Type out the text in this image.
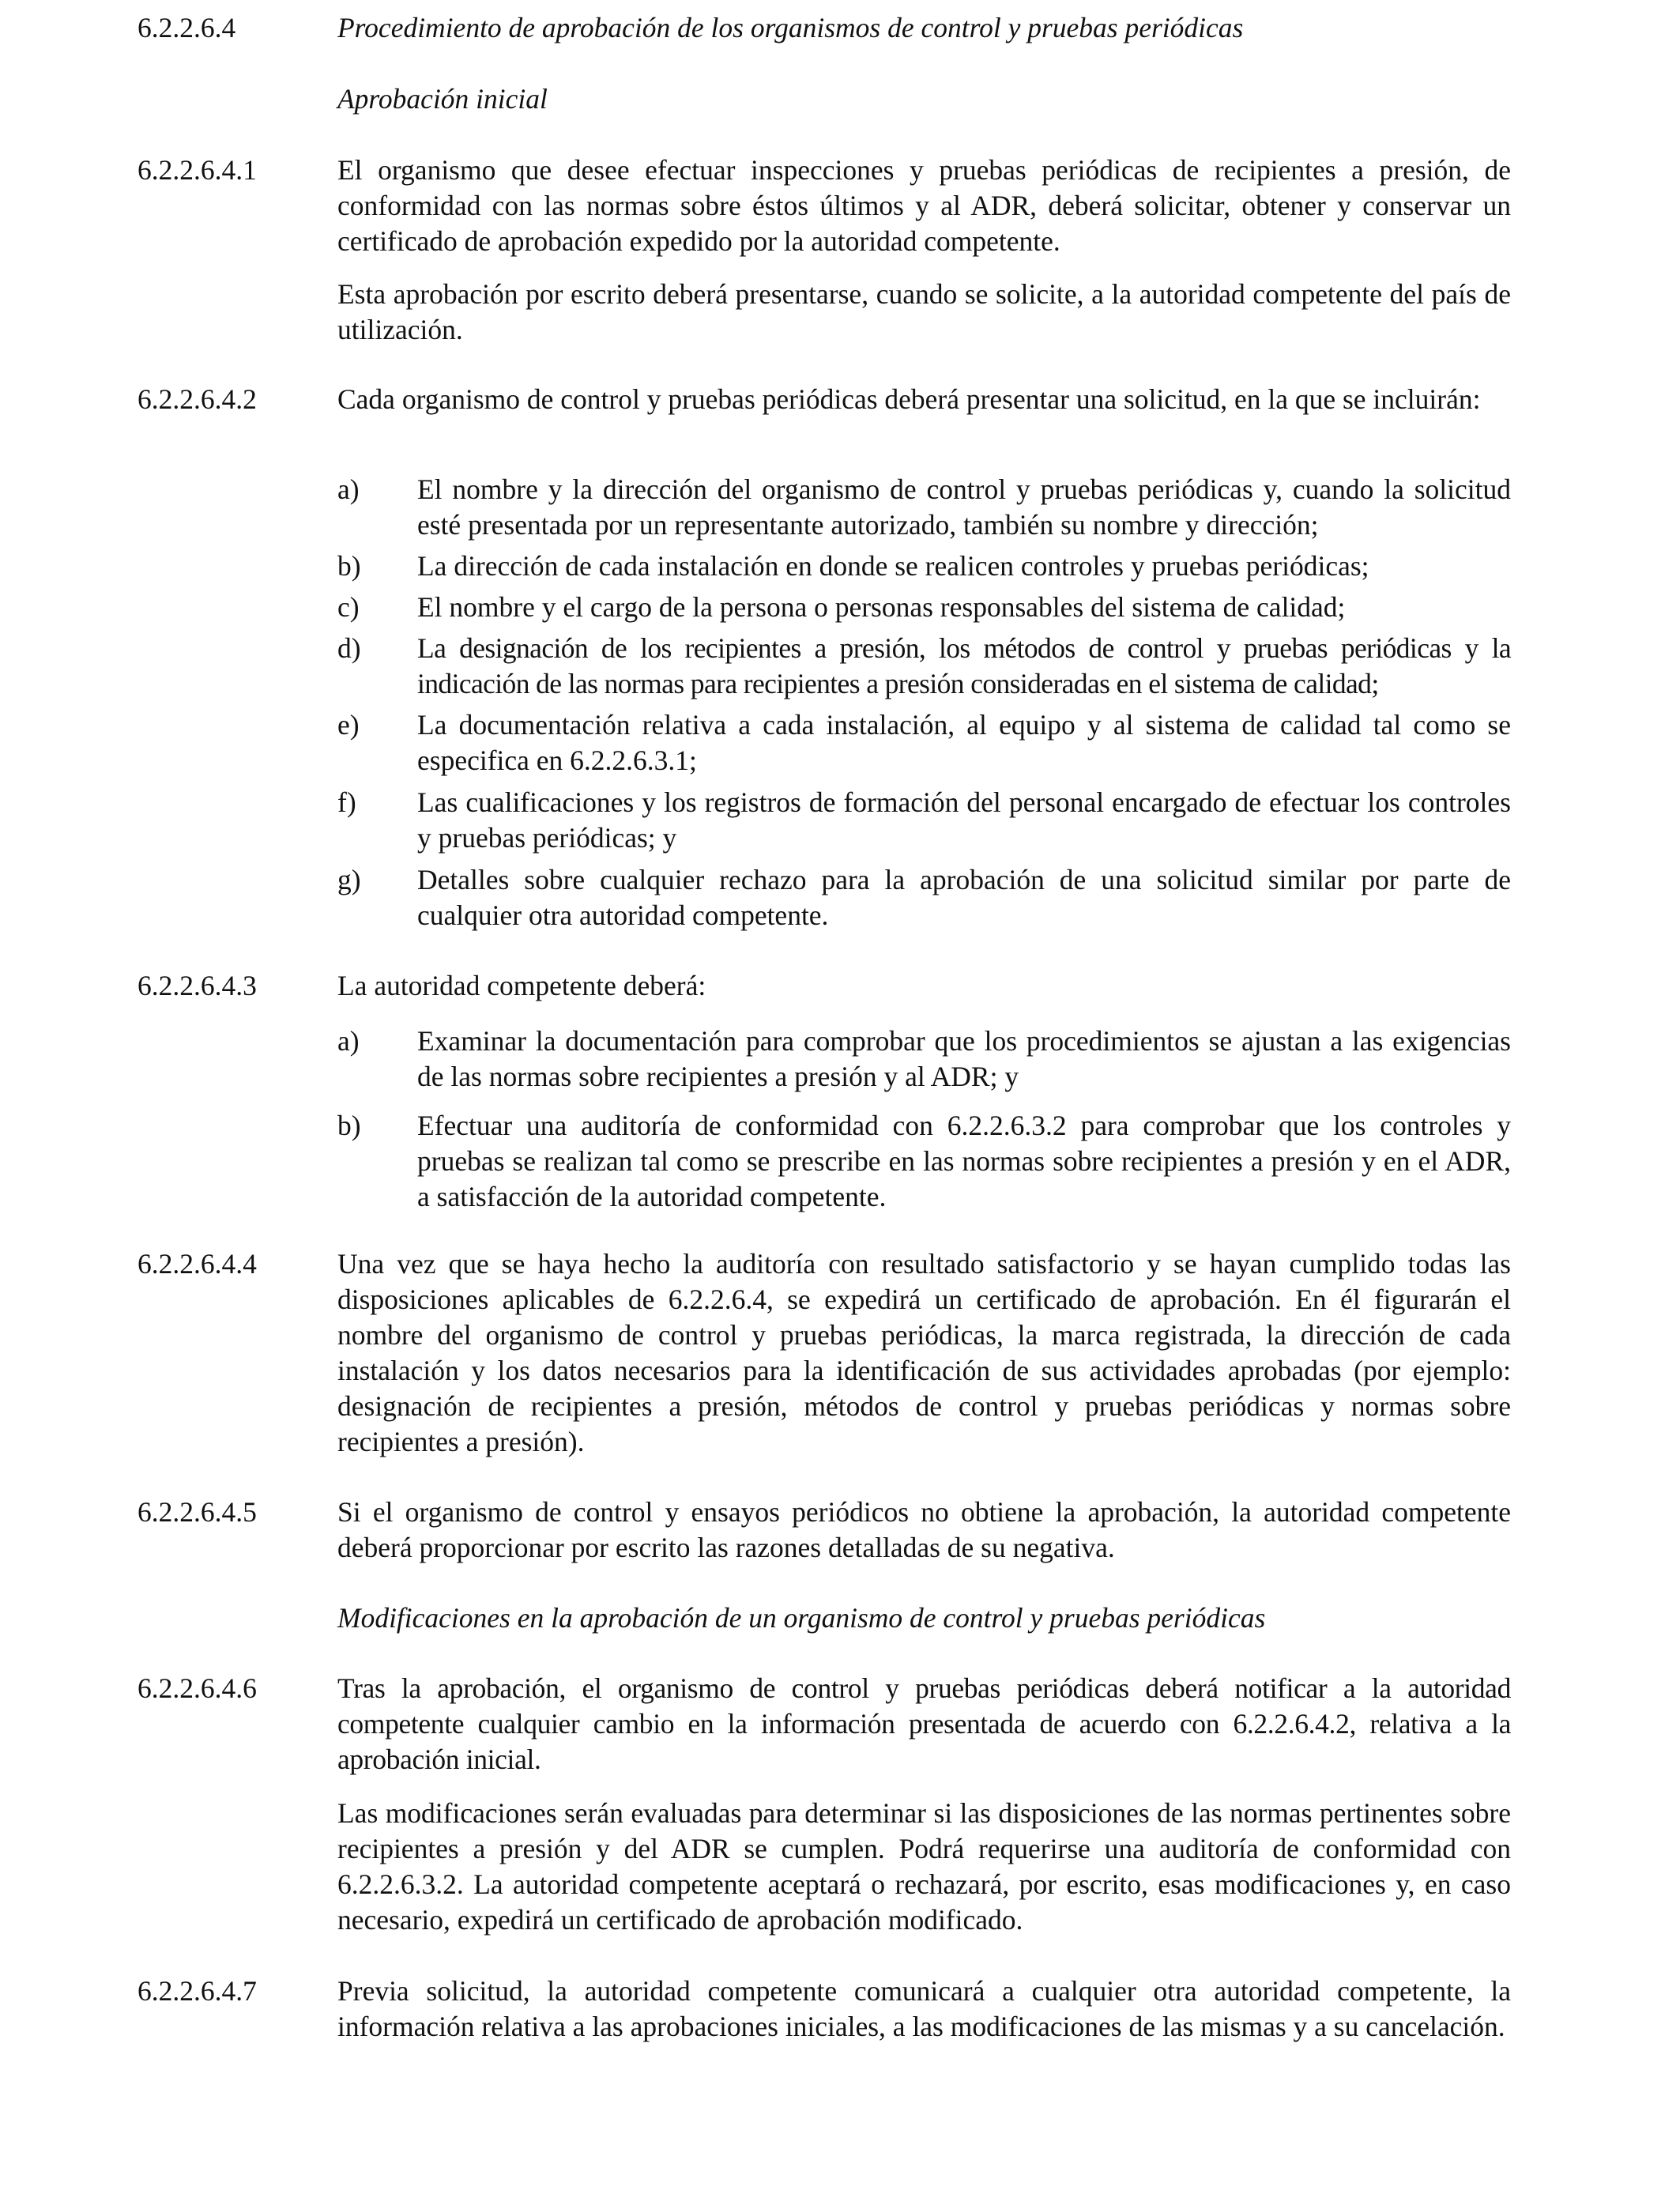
6.2.2.6.4	Procedimiento de aprobación de los organismos de control y pruebas periódicas
Aprobación inicial
6.2.2.6.4.1	El organismo que desee efectuar inspecciones y pruebas periódicas de recipientes a presión, de conformidad con las normas sobre éstos últimos y al ADR, deberá solicitar, obtener y conservar un certificado de aprobación expedido por la autoridad competente.
Esta aprobación por escrito deberá presentarse, cuando se solicite, a la autoridad competente del país de utilización.
6.2.2.6.4.2	Cada organismo de control y pruebas periódicas deberá presentar una solicitud, en la que se incluirán:
a) El nombre y la dirección del organismo de control y pruebas periódicas y, cuando la solicitud esté presentada por un representante autorizado, también su nombre y dirección;
b) La dirección de cada instalación en donde se realicen controles y pruebas periódicas;
c) El nombre y el cargo de la persona o personas responsables del sistema de calidad;
d) La designación de los recipientes a presión, los métodos de control y pruebas periódicas y la indicación de las normas para recipientes a presión consideradas en el sistema de calidad;
e) La documentación relativa a cada instalación, al equipo y al sistema de calidad tal como se especifica en 6.2.2.6.3.1;
f) Las cualificaciones y los registros de formación del personal encargado de efectuar los controles y pruebas periódicas; y
g) Detalles sobre cualquier rechazo para la aprobación de una solicitud similar por parte de cualquier otra autoridad competente.
6.2.2.6.4.3	La autoridad competente deberá:
a) Examinar la documentación para comprobar que los procedimientos se ajustan a las exigencias de las normas sobre recipientes a presión y al ADR; y
b) Efectuar una auditoría de conformidad con 6.2.2.6.3.2 para comprobar que los controles y pruebas se realizan tal como se prescribe en las normas sobre recipientes a presión y en el ADR, a satisfacción de la autoridad competente.
6.2.2.6.4.4	Una vez que se haya hecho la auditoría con resultado satisfactorio y se hayan cumplido todas las disposiciones aplicables de 6.2.2.6.4, se expedirá un certificado de aprobación. En él figurarán el nombre del organismo de control y pruebas periódicas, la marca registrada, la dirección de cada instalación y los datos necesarios para la identificación de sus actividades aprobadas (por ejemplo: designación de recipientes a presión, métodos de control y pruebas periódicas y normas sobre recipientes a presión).
6.2.2.6.4.5	Si el organismo de control y ensayos periódicos no obtiene la aprobación, la autoridad competente deberá proporcionar por escrito las razones detalladas de su negativa.
Modificaciones en la aprobación de un organismo de control y pruebas periódicas
6.2.2.6.4.6	Tras la aprobación, el organismo de control y pruebas periódicas deberá notificar a la autoridad competente cualquier cambio en la información presentada de acuerdo con 6.2.2.6.4.2, relativa a la aprobación inicial.
Las modificaciones serán evaluadas para determinar si las disposiciones de las normas pertinentes sobre recipientes a presión y del ADR se cumplen. Podrá requerirse una auditoría de conformidad con 6.2.2.6.3.2. La autoridad competente aceptará o rechazará, por escrito, esas modificaciones y, en caso necesario, expedirá un certificado de aprobación modificado.
6.2.2.6.4.7	Previa solicitud, la autoridad competente comunicará a cualquier otra autoridad competente, la información relativa a las aprobaciones iniciales, a las modificaciones de las mismas y a su cancelación.
